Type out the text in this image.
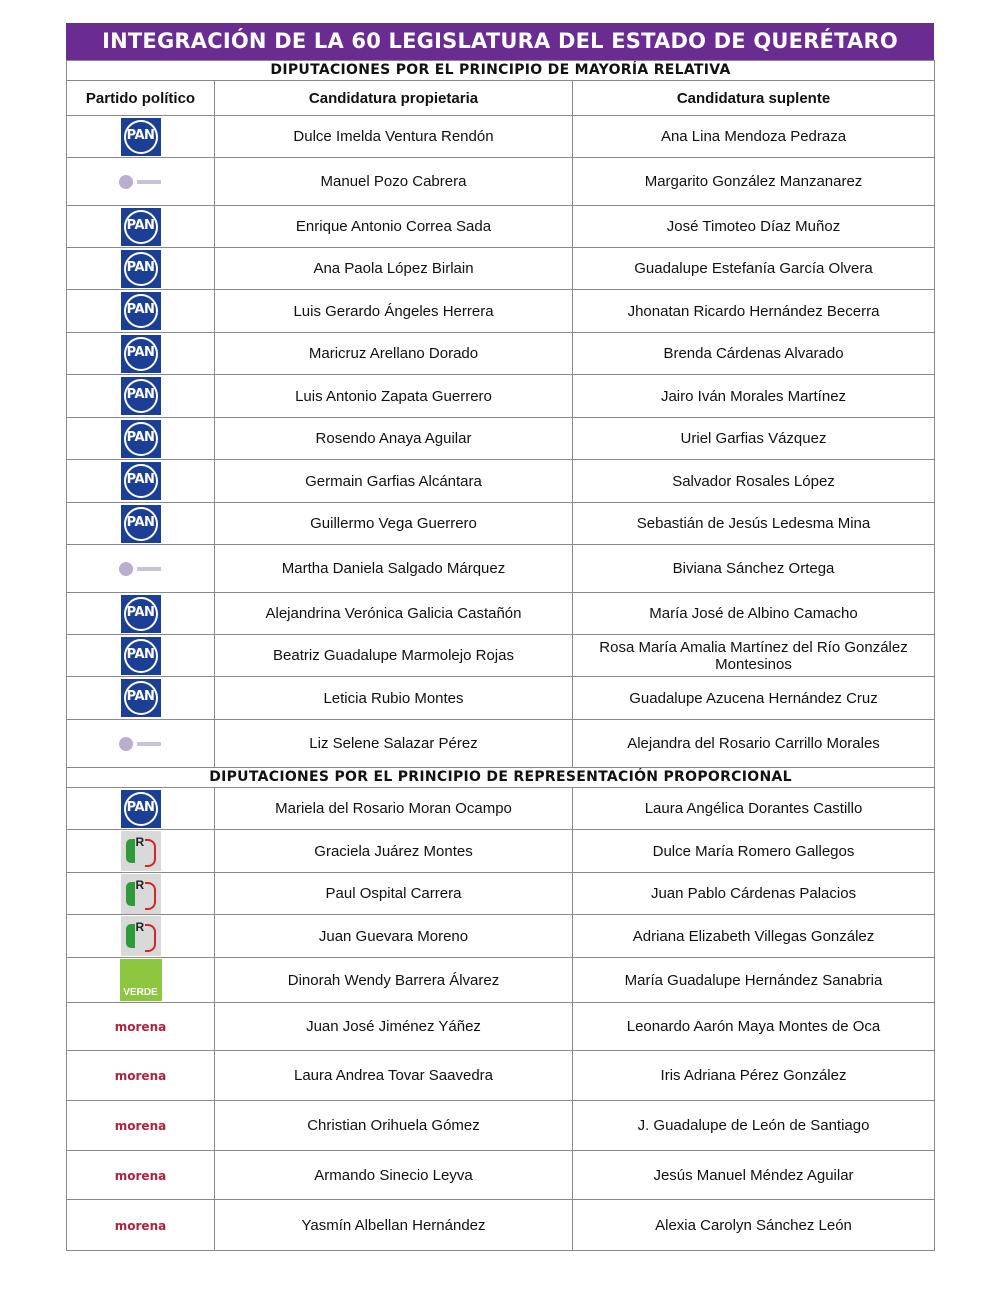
INTEGRACIÓN DE LA 60 LEGISLATURA DEL ESTADO DE QUERÉTARO
DIPUTACIONES POR EL PRINCIPIO DE MAYORÍA RELATIVA		
Partido político	Candidatura propietaria	Candidatura suplente

PAN	Dulce Imelda Ventura Rendón	Ana Lina Mendoza Pedraza
	Manuel Pozo Cabrera	Margarito González Manzanarez

PAN	Enrique Antonio Correa Sada	José Timoteo Díaz Muñoz

PAN	Ana Paola López Birlain	Guadalupe Estefanía García Olvera

PAN	Luis Gerardo Ángeles Herrera	Jhonatan Ricardo Hernández Becerra

PAN	Maricruz Arellano Dorado	Brenda Cárdenas Alvarado

PAN	Luis Antonio Zapata Guerrero	Jairo Iván Morales Martínez

PAN	Rosendo Anaya Aguilar	Uriel Garfias Vázquez

PAN	Germain Garfias Alcántara	Salvador Rosales López

PAN	Guillermo Vega Guerrero	Sebastián de Jesús Ledesma Mina
	Martha Daniela Salgado Márquez	Biviana Sánchez Ortega

PAN	Alejandrina Verónica Galicia Castañón	María José de Albino Camacho

PAN	Beatriz Guadalupe Marmolejo Rojas	Rosa María Amalia Martínez del Río González Montesinos

PAN	Leticia Rubio Montes	Guadalupe Azucena Hernández Cruz
	Liz Selene Salazar Pérez	Alejandra del Rosario Carrillo Morales
DIPUTACIONES POR EL PRINCIPIO DE REPRESENTACIÓN PROPORCIONAL		

PAN	Mariela del Rosario Moran Ocampo	Laura Angélica Dorantes Castillo

R	Graciela Juárez Montes	Dulce María Romero Gallegos

R	Paul Ospital Carrera	Juan Pablo Cárdenas Palacios

R	Juan Guevara Moreno	Adriana Elizabeth Villegas González

VERDE	Dinorah Wendy Barrera Álvarez	María Guadalupe Hernández Sanabria
morena	Juan José Jiménez Yáñez	Leonardo Aarón Maya Montes de Oca
morena	Laura Andrea Tovar Saavedra	Iris Adriana Pérez González
morena	Christian Orihuela Gómez	J. Guadalupe de León de Santiago
morena	Armando Sinecio Leyva	Jesús Manuel Méndez Aguilar
morena	Yasmín Albellan Hernández	Alexia Carolyn Sánchez León
